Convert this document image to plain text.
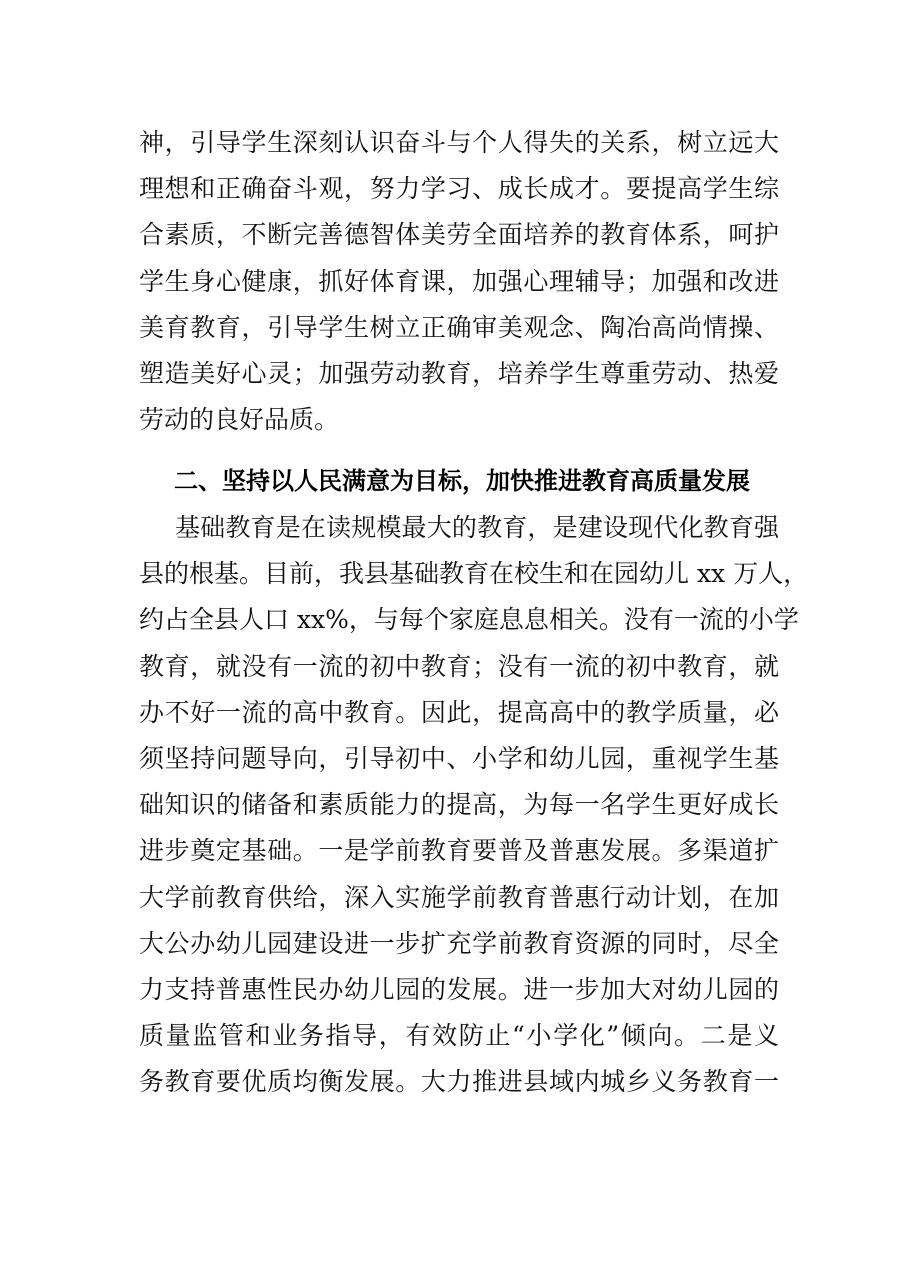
神，引导学生深刻认识奋斗与个人得失的关系，树立远大
理想和正确奋斗观，努力学习、成长成才。要提高学生综
合素质，不断完善德智体美劳全面培养的教育体系，呵护
学生身心健康，抓好体育课，加强心理辅导；加强和改进
美育教育，引导学生树立正确审美观念、陶冶高尚情操、
塑造美好心灵；加强劳动教育，培养学生尊重劳动、热爱
劳动的良好品质。
二、坚持以人民满意为目标，加快推进教育高质量发展
基础教育是在读规模最大的教育，是建设现代化教育强
县的根基。目前，我县基础教育在校生和在园幼儿 xx 万人，
约占全县人口 xx%，与每个家庭息息相关。没有一流的小学
教育，就没有一流的初中教育；没有一流的初中教育，就
办不好一流的高中教育。因此，提高高中的教学质量，必
须坚持问题导向，引导初中、小学和幼儿园，重视学生基
础知识的储备和素质能力的提高，为每一名学生更好成长
进步奠定基础。一是学前教育要普及普惠发展。多渠道扩
大学前教育供给，深入实施学前教育普惠行动计划，在加
大公办幼儿园建设进一步扩充学前教育资源的同时，尽全
力支持普惠性民办幼儿园的发展。进一步加大对幼儿园的
质量监管和业务指导，有效防止“小学化”倾向。二是义
务教育要优质均衡发展。大力推进县域内城乡义务教育一
